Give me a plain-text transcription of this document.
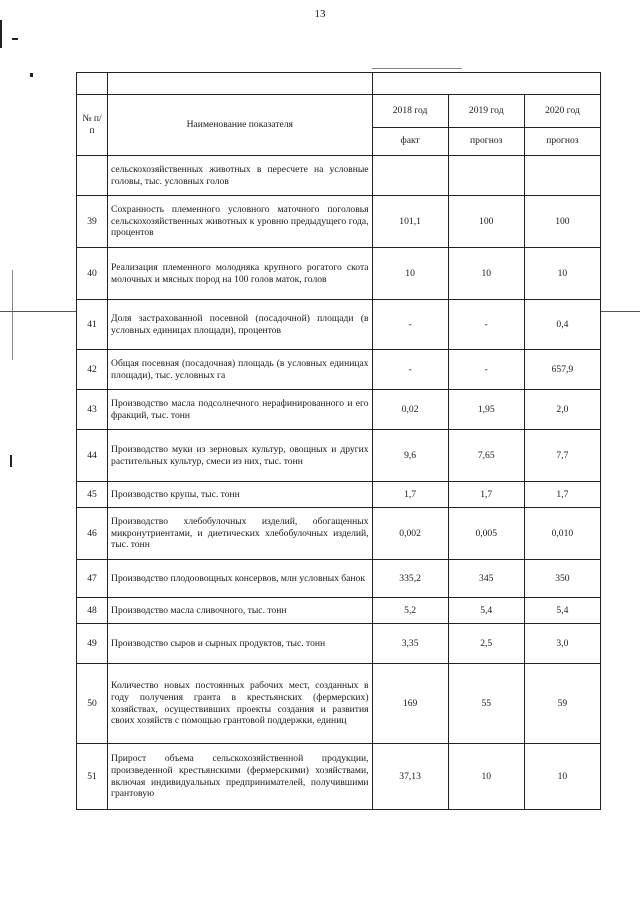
13

№ п/п	Наименование показателя	2018 год	2019 год	2020 год
		факт	прогноз	прогноз
	сельскохозяйственных животных в пересчете на условные головы, тыс. условных голов			
39	Сохранность племенного условного маточного поголовья сельскохозяйственных животных к уровню предыдущего года, процентов	101,1	100	100
40	Реализация племенного молодняка крупного рогатого скота молочных и мясных пород на 100 голов маток, голов	10	10	10
41	Доля застрахованной посевной (посадочной) площади (в условных единицах площади), процентов	-	-	0,4
42	Общая посевная (посадочная) площадь (в условных единицах площади), тыс. условных га	-	-	657,9
43	Производство масла подсолнечного нерафинированного и его фракций, тыс. тонн	0,02	1,95	2,0
44	Производство муки из зерновых культур, овощных и других растительных культур, смеси из них, тыс. тонн	9,6	7,65	7,7
45	Производство крупы, тыс. тонн	1,7	1,7	1,7
46	Производство хлебобулочных изделий, обогащенных микронутриентами, и диетических хлебобулочных изделий, тыс. тонн	0,002	0,005	0,010
47	Производство плодоовощных консервов, млн условных банок	335,2	345	350
48	Производство масла сливочного, тыс. тонн	5,2	5,4	5,4
49	Производство сыров и сырных продуктов, тыс. тонн	3,35	2,5	3,0
50	Количество новых постоянных рабочих мест, созданных в году получения гранта в крестьянских (фермерских) хозяйствах, осуществивших проекты создания и развития своих хозяйств с помощью грантовой поддержки, единиц	169	55	59
51	Прирост объема сельскохозяйственной продукции, произведенной крестьянскими (фермерскими) хозяйствами, включая индивидуальных предпринимателей, получившими грантовую	37,13	10	10
